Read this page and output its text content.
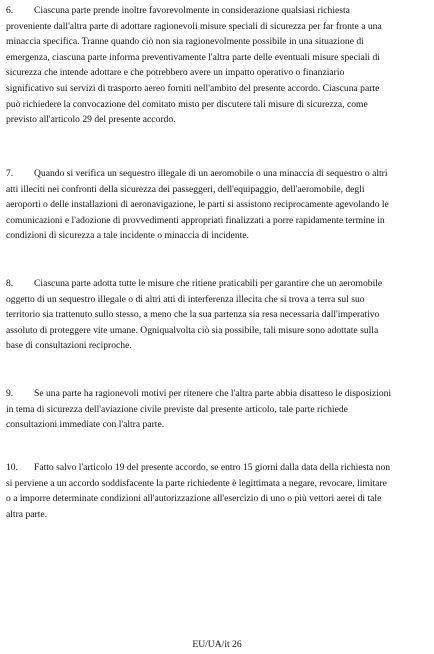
6. Ciascuna parte prende inoltre favorevolmente in considerazione qualsiasi richiesta
proveniente dall'altra parte di adottare ragionevoli misure speciali di sicurezza per far fronte a una
minaccia specifica. Tranne quando ciò non sia ragionevolmente possibile in una situazione di
emergenza, ciascuna parte informa preventivamente l'altra parte delle eventuali misure speciali di
sicurezza che intende adottare e che potrebbero avere un impatto operativo o finanziario
significativo sui servizi di trasporto aereo forniti nell'ambito del presente accordo. Ciascuna parte
può richiedere la convocazione del comitato misto per discutere tali misure di sicurezza, come
previsto all'articolo 29 del presente accordo.
7. Quando si verifica un sequestro illegale di un aeromobile o una minaccia di sequestro o altri
atti illeciti nei confronti della sicurezza dei passeggeri, dell'equipaggio, dell'aeromobile, degli
aeroporti o delle installazioni di aeronavigazione, le parti si assistono reciprocamente agevolando le
comunicazioni e l'adozione di provvedimenti appropriati finalizzati a porre rapidamente termine in
condizioni di sicurezza a tale incidente o minaccia di incidente.
8. Ciascuna parte adotta tutte le misure che ritiene praticabili per garantire che un aeromobile
oggetto di un sequestro illegale o di altri atti di interferenza illecita che si trova a terra sul suo
territorio sia trattenuto sullo stesso, a meno che la sua partenza sia resa necessaria dall'imperativo
assoluto di proteggere vite umane. Ogniqualvolta ciò sia possibile, tali misure sono adottate sulla
base di consultazioni reciproche.
9. Se una parte ha ragionevoli motivi per ritenere che l'altra parte abbia disatteso le disposizioni
in tema di sicurezza dell'aviazione civile previste dal presente articolo, tale parte richiede
consultazioni immediate con l'altra parte.
10. Fatto salvo l'articolo 19 del presente accordo, se entro 15 giorni dalla data della richiesta non
si perviene a un accordo soddisfacente la parte richiedente è legittimata a negare, revocare, limitare
o a imporre determinate condizioni all'autorizzazione all'esercizio di uno o più vettori aerei di tale
altra parte.
EU/UA/it 26
